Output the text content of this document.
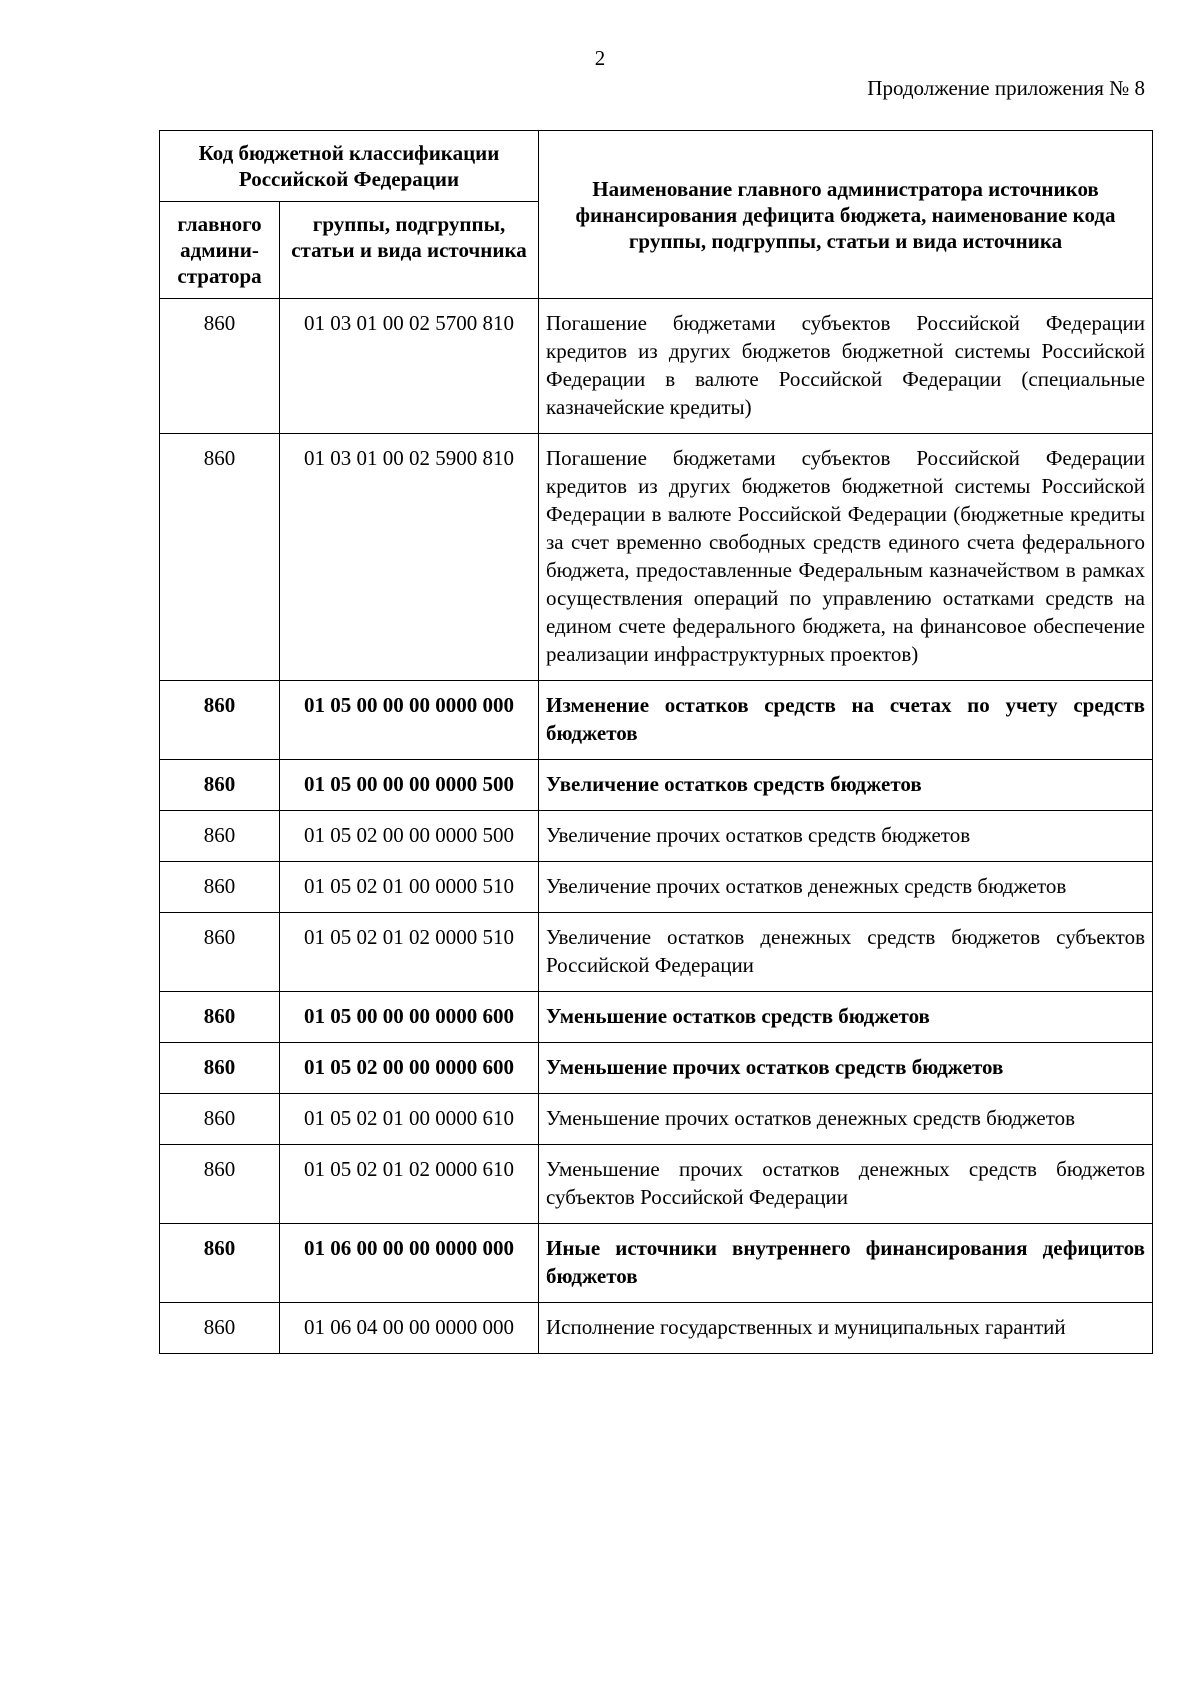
2
Продолжение приложения № 8
Код бюджетной классификации Российской Федерации		Наименование главного администратора источников финансирования дефицита бюджета, наименование кода группы, подгруппы, статьи и вида источника
главного админи-стратора	группы, подгруппы, статьи и вида источника	
860	01 03 01 00 02 5700 810	Погашение бюджетами субъектов Российской Федерации кредитов из других бюджетов бюджетной системы Российской Федерации в валюте Российской Федерации (специальные казначейские кредиты)
860	01 03 01 00 02 5900 810	Погашение бюджетами субъектов Российской Федерации кредитов из других бюджетов бюджетной системы Российской Федерации в валюте Российской Федерации (бюджетные кредиты за счет временно свободных средств единого счета федерального бюджета, предоставленные Федеральным казначейством в рамках осуществления операций по управлению остатками средств на едином счете федерального бюджета, на финансовое обеспечение реализации инфраструктурных проектов)
860	01 05 00 00 00 0000 000	Изменение остатков средств на счетах по учету средств бюджетов
860	01 05 00 00 00 0000 500	Увеличение остатков средств бюджетов
860	01 05 02 00 00 0000 500	Увеличение прочих остатков средств бюджетов
860	01 05 02 01 00 0000 510	Увеличение прочих остатков денежных средств бюджетов
860	01 05 02 01 02 0000 510	Увеличение остатков денежных средств бюджетов субъектов Российской Федерации
860	01 05 00 00 00 0000 600	Уменьшение остатков средств бюджетов
860	01 05 02 00 00 0000 600	Уменьшение прочих остатков средств бюджетов
860	01 05 02 01 00 0000 610	Уменьшение прочих остатков денежных средств бюджетов
860	01 05 02 01 02 0000 610	Уменьшение прочих остатков денежных средств бюджетов субъектов Российской Федерации
860	01 06 00 00 00 0000 000	Иные источники внутреннего финансирования дефицитов бюджетов
860	01 06 04 00 00 0000 000	Исполнение государственных и муниципальных гарантий
